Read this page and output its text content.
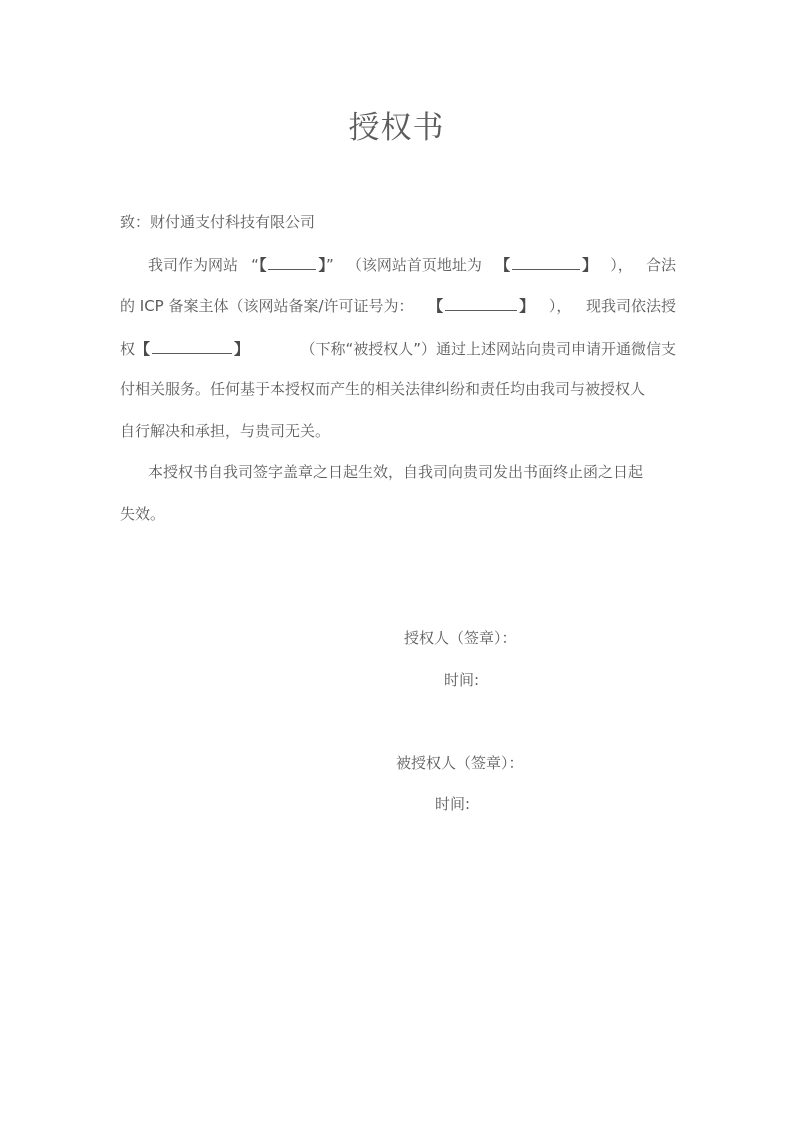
授权书
致：财付通支付科技有限公司
我司作为网站 “【	】” （该网站首页地址为 【	】 ）， 合法
的 ICP 备案主体（该网站备案/许可证号为： 【	】 ）， 现我司依法授
权【	】	（下称“被授权人”）通过上述网站向贵司申请开通微信支
付相关服务。任何基于本授权而产生的相关法律纠纷和责任均由我司与被授权人
自行解决和承担，与贵司无关。
本授权书自我司签字盖章之日起生效，自我司向贵司发出书面终止函之日起
失效。
授权人（签章）：
时间:
被授权人（签章）：
时间:
